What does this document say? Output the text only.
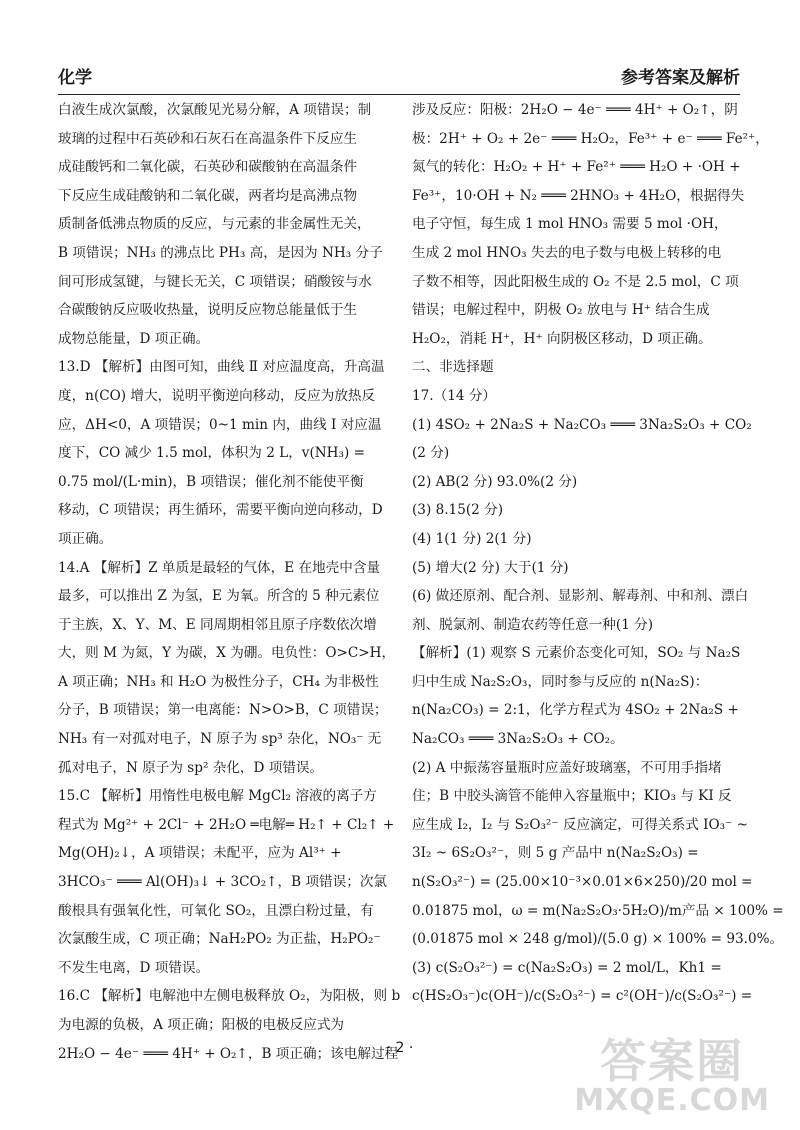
化学	参考答案及解析
白液生成次氯酸，次氯酸见光易分解，A 项错误；制
玻璃的过程中石英砂和石灰石在高温条件下反应生
成硅酸钙和二氧化碳，石英砂和碳酸钠在高温条件
下反应生成硅酸钠和二氧化碳，两者均是高沸点物
质制备低沸点物质的反应，与元素的非金属性无关，
B 项错误；NH₃ 的沸点比 PH₃ 高，是因为 NH₃ 分子
间可形成氢键，与键长无关，C 项错误；硝酸铵与水
合碳酸钠反应吸收热量，说明反应物总能量低于生
成物总能量，D 项正确。
13.D 【解析】由图可知，曲线 Ⅱ 对应温度高，升高温
度，n(CO) 增大，说明平衡逆向移动，反应为放热反
应，ΔH<0，A 项错误；0~1 min 内，曲线 Ⅰ 对应温
度下，CO 减少 1.5 mol，体积为 2 L，v(NH₃) =
0.75 mol/(L·min)，B 项错误；催化剂不能使平衡
移动，C 项错误；再生循环，需要平衡向逆向移动，D
项正确。
14.A 【解析】Z 单质是最轻的气体，E 在地壳中含量
最多，可以推出 Z 为氢，E 为氧。所含的 5 种元素位
于主族，X、Y、M、E 同周期相邻且原子序数依次增
大，则 M 为氮，Y 为碳，X 为硼。电负性：O>C>H，
A 项正确；NH₃ 和 H₂O 为极性分子，CH₄ 为非极性
分子，B 项错误；第一电离能：N>O>B，C 项错误；
NH₃ 有一对孤对电子，N 原子为 sp³ 杂化，NO₃⁻ 无
孤对电子，N 原子为 sp² 杂化，D 项错误。
15.C 【解析】用惰性电极电解 MgCl₂ 溶液的离子方
程式为 Mg²⁺ + 2Cl⁻ + 2H₂O ═电解═ H₂↑ + Cl₂↑ +
Mg(OH)₂↓，A 项错误；未配平，应为 Al³⁺ +
3HCO₃⁻ ═══ Al(OH)₃↓ + 3CO₂↑，B 项错误；次氯
酸根具有强氧化性，可氧化 SO₂，且漂白粉过量，有
次氯酸生成，C 项正确；NaH₂PO₂ 为正盐，H₂PO₂⁻
不发生电离，D 项错误。
16.C 【解析】电解池中左侧电极释放 O₂，为阳极，则 b
为电源的负极，A 项正确；阳极的电极反应式为
2H₂O − 4e⁻ ═══ 4H⁺ + O₂↑，B 项正确；该电解过程
涉及反应：阳极：2H₂O − 4e⁻ ═══ 4H⁺ + O₂↑，阴
极：2H⁺ + O₂ + 2e⁻ ═══ H₂O₂，Fe³⁺ + e⁻ ═══ Fe²⁺，
氮气的转化：H₂O₂ + H⁺ + Fe²⁺ ═══ H₂O + ·OH +
Fe³⁺，10·OH + N₂ ═══ 2HNO₃ + 4H₂O，根据得失
电子守恒，每生成 1 mol HNO₃ 需要 5 mol ·OH，
生成 2 mol HNO₃ 失去的电子数与电极上转移的电
子数不相等，因此阳极生成的 O₂ 不是 2.5 mol，C 项
错误；电解过程中，阴极 O₂ 放电与 H⁺ 结合生成
H₂O₂，消耗 H⁺，H⁺ 向阴极区移动，D 项正确。
二、非选择题
17.（14 分）
(1) 4SO₂ + 2Na₂S + Na₂CO₃ ═══ 3Na₂S₂O₃ + CO₂
(2 分)
(2) AB(2 分) 93.0%(2 分)
(3) 8.15(2 分)
(4) 1(1 分) 2(1 分)
(5) 增大(2 分) 大于(1 分)
(6) 做还原剂、配合剂、显影剂、解毒剂、中和剂、漂白
剂、脱氯剂、制造农药等任意一种(1 分)
【解析】(1) 观察 S 元素价态变化可知，SO₂ 与 Na₂S
归中生成 Na₂S₂O₃，同时参与反应的 n(Na₂S)：
n(Na₂CO₃) = 2:1，化学方程式为 4SO₂ + 2Na₂S +
Na₂CO₃ ═══ 3Na₂S₂O₃ + CO₂。
(2) A 中振荡容量瓶时应盖好玻璃塞，不可用手指堵
住；B 中胶头滴管不能伸入容量瓶中；KIO₃ 与 KI 反
应生成 I₂，I₂ 与 S₂O₃²⁻ 反应滴定，可得关系式 IO₃⁻ ~
3I₂ ~ 6S₂O₃²⁻，则 5 g 产品中 n(Na₂S₂O₃) =
n(S₂O₃²⁻) = (25.00×10⁻³×0.01×6×250)/20 mol =
0.01875 mol，ω = m(Na₂S₂O₃·5H₂O)/m产品 × 100% =
(0.01875 mol × 248 g/mol)/(5.0 g) × 100% = 93.0%。
(3) c(S₂O₃²⁻) = c(Na₂S₂O₃) = 2 mol/L，Kh1 =
c(HS₂O₃⁻)c(OH⁻)/c(S₂O₃²⁻) = c²(OH⁻)/c(S₂O₃²⁻) =
· 2 ·	答案圈
MXQE.COM
